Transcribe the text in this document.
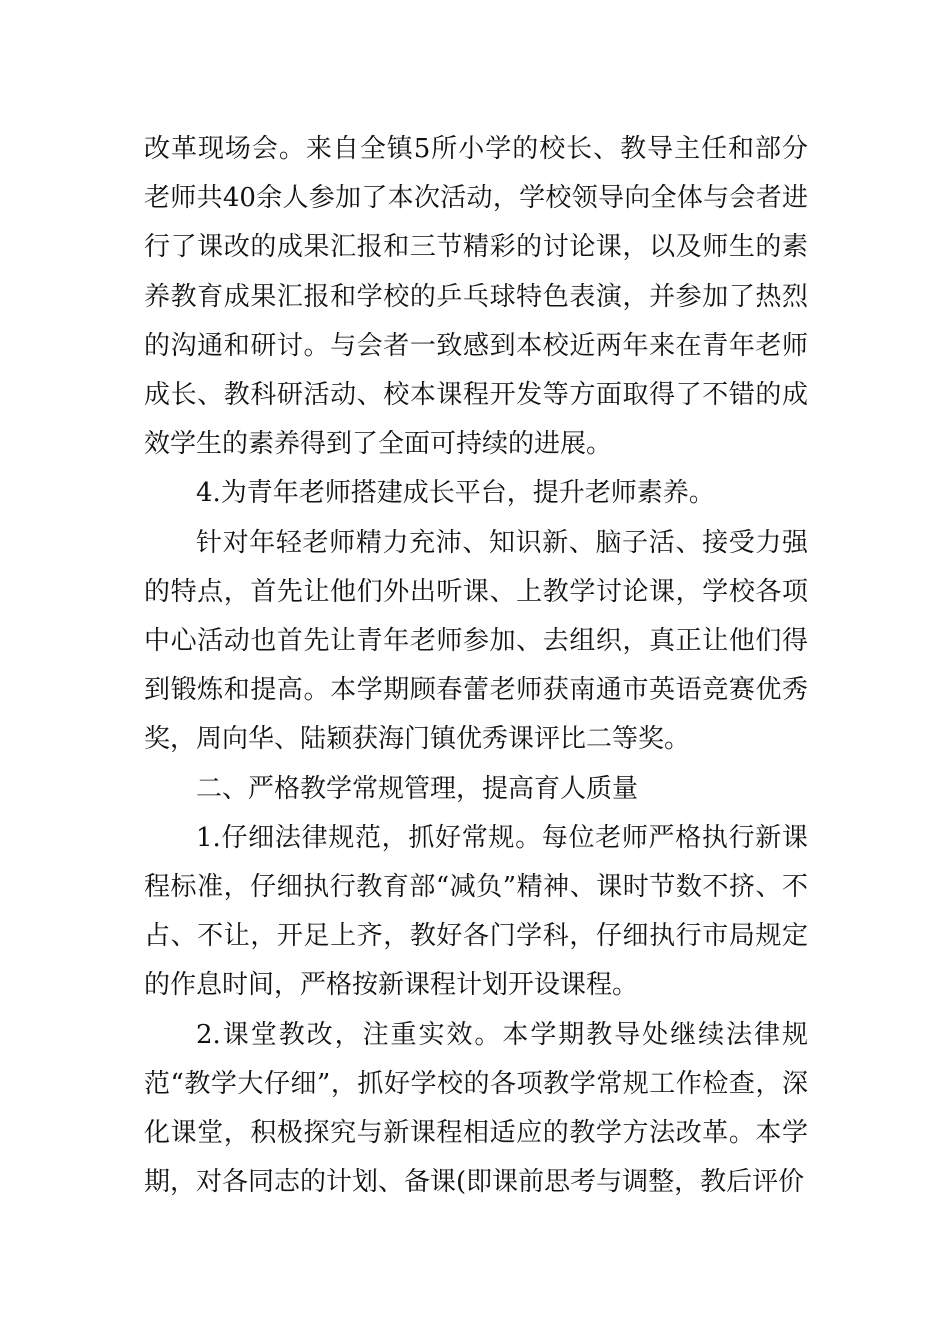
改革现场会。来自全镇5所小学的校长、教导主任和部分老师共40余人参加了本次活动，学校领导向全体与会者进行了课改的成果汇报和三节精彩的讨论课，以及师生的素养教育成果汇报和学校的乒乓球特色表演，并参加了热烈的沟通和研讨。与会者一致感到本校近两年来在青年老师成长、教科研活动、校本课程开发等方面取得了不错的成效学生的素养得到了全面可持续的进展。

4.为青年老师搭建成长平台，提升老师素养。

针对年轻老师精力充沛、知识新、脑子活、接受力强的特点，首先让他们外出听课、上教学讨论课，学校各项中心活动也首先让青年老师参加、去组织，真正让他们得到锻炼和提高。本学期顾春蕾老师获南通市英语竞赛优秀奖，周向华、陆颖获海门镇优秀课评比二等奖。

二、严格教学常规管理，提高育人质量

1.仔细法律规范，抓好常规。每位老师严格执行新课程标准，仔细执行教育部“减负”精神、课时节数不挤、不占、不让，开足上齐，教好各门学科，仔细执行市局规定的作息时间，严格按新课程计划开设课程。

2.课堂教改，注重实效。本学期教导处继续法律规范“教学大仔细”，抓好学校的各项教学常规工作检查，深化课堂，积极探究与新课程相适应的教学方法改革。本学期，对各同志的计划、备课(即课前思考与调整，教后评价
